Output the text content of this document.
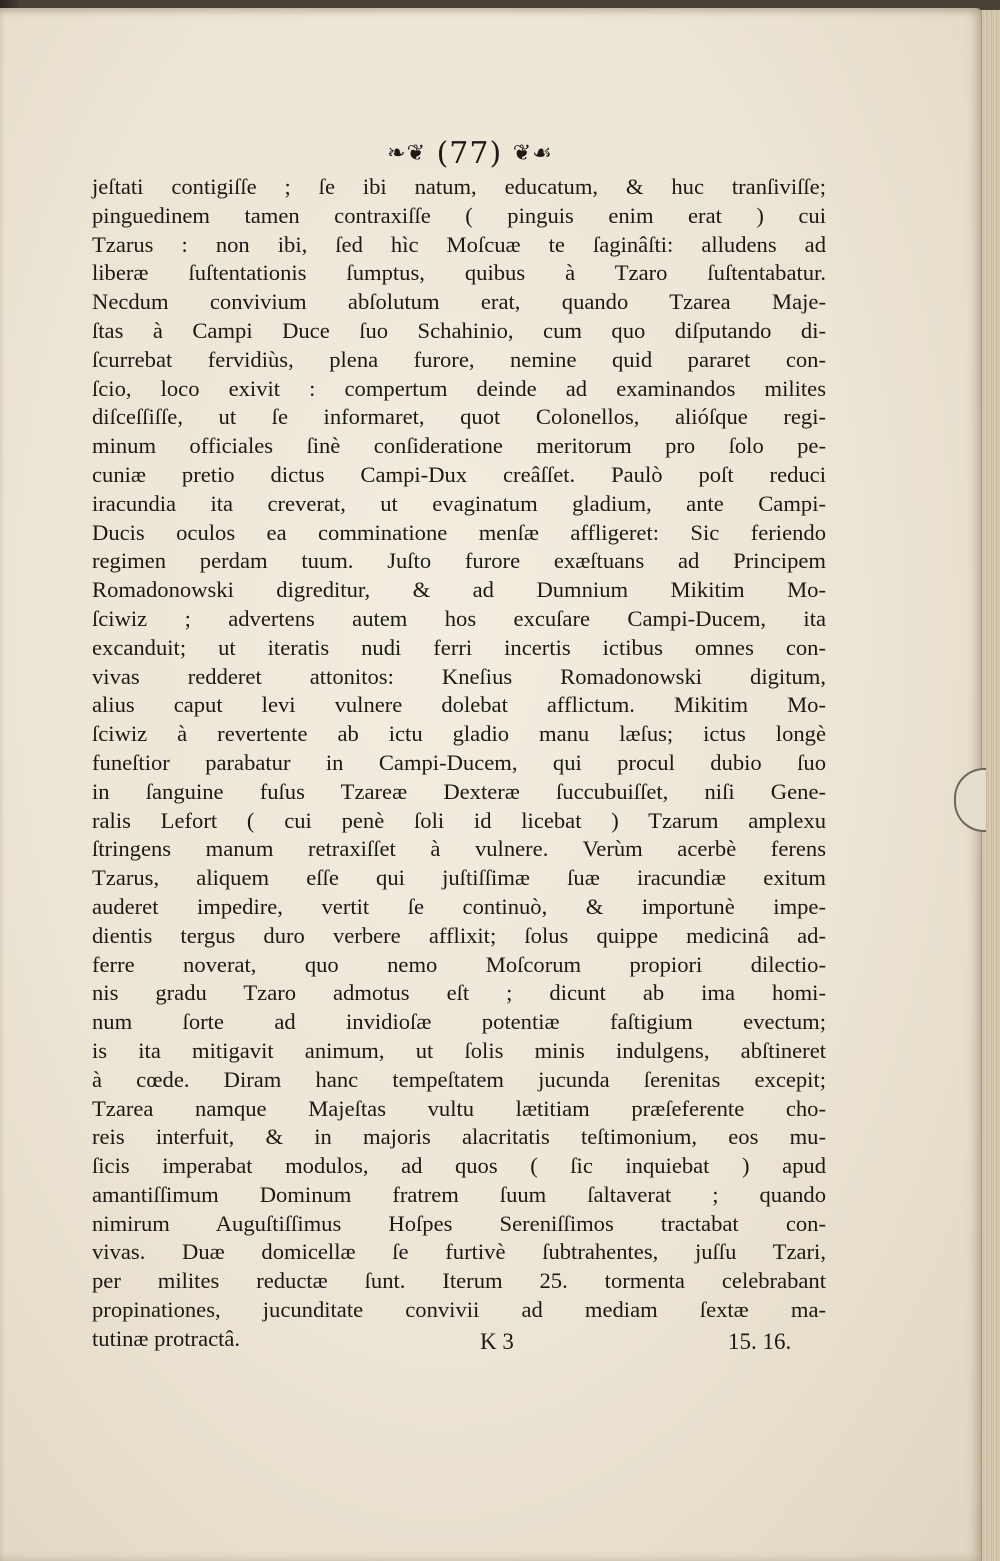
❧❦ (77) ❦☙
jeſtati contigiſſe ; ſe ibi natum, educatum, & huc tranſiviſſe;
pinguedinem tamen contraxiſſe ( pinguis enim erat ) cui
Tzarus : non ibi, ſed hìc Moſcuæ te ſaginâſti: alludens ad
liberæ ſuſtentationis ſumptus, quibus à Tzaro ſuſtentabatur.
Necdum convivium abſolutum erat, quando Tzarea Maje-
ſtas à Campi Duce ſuo Schahinio, cum quo diſputando di-
ſcurrebat fervidiùs, plena furore, nemine quid pararet con-
ſcio, loco exivit : compertum deinde ad examinandos milites
diſceſſiſſe, ut ſe informaret, quot Colonellos, alióſque regi-
minum officiales ſinè conſideratione meritorum pro ſolo pe-
cuniæ pretio dictus Campi-Dux creâſſet. Paulò poſt reduci
iracundia ita creverat, ut evaginatum gladium, ante Campi-
Ducis oculos ea comminatione menſæ affligeret: Sic feriendo
regimen perdam tuum. Juſto furore exæſtuans ad Principem
Romadonowski digreditur, & ad Dumnium Mikitim Mo-
ſciwiz ; advertens autem hos excuſare Campi-Ducem, ita
excanduit; ut iteratis nudi ferri incertis ictibus omnes con-
vivas redderet attonitos: Kneſius Romadonowski digitum,
alius caput levi vulnere dolebat afflictum. Mikitim Mo-
ſciwiz à revertente ab ictu gladio manu læſus; ictus longè
funeſtior parabatur in Campi-Ducem, qui procul dubio ſuo
in ſanguine fuſus Tzareæ Dexteræ ſuccubuiſſet, niſi Gene-
ralis Lefort ( cui penè ſoli id licebat ) Tzarum amplexu
ſtringens manum retraxiſſet à vulnere. Verùm acerbè ferens
Tzarus, aliquem eſſe qui juſtiſſimæ ſuæ iracundiæ exitum
auderet impedire, vertit ſe continuò, & importunè impe-
dientis tergus duro verbere afflixit; ſolus quippe medicinâ ad-
ferre noverat, quo nemo Moſcorum propiori dilectio-
nis gradu Tzaro admotus eſt ; dicunt ab ima homi-
num ſorte ad invidioſæ potentiæ faſtigium evectum;
is ita mitigavit animum, ut ſolis minis indulgens, abſtineret
à cœde. Diram hanc tempeſtatem jucunda ſerenitas excepit;
Tzarea namque Majeſtas vultu lætitiam præſeferente cho-
reis interfuit, & in majoris alacritatis teſtimonium, eos mu-
ſicis imperabat modulos, ad quos ( ſic inquiebat ) apud
amantiſſimum Dominum fratrem ſuum ſaltaverat ; quando
nimirum Auguſtiſſimus Hoſpes Sereniſſimos tractabat con-
vivas. Duæ domicellæ ſe furtivè ſubtrahentes, juſſu Tzari,
per milites reductæ ſunt. Iterum 25. tormenta celebrabant
propinationes, jucunditate convivii ad mediam ſextæ ma-
tutinæ protractâ.	K 3	15. 16.
